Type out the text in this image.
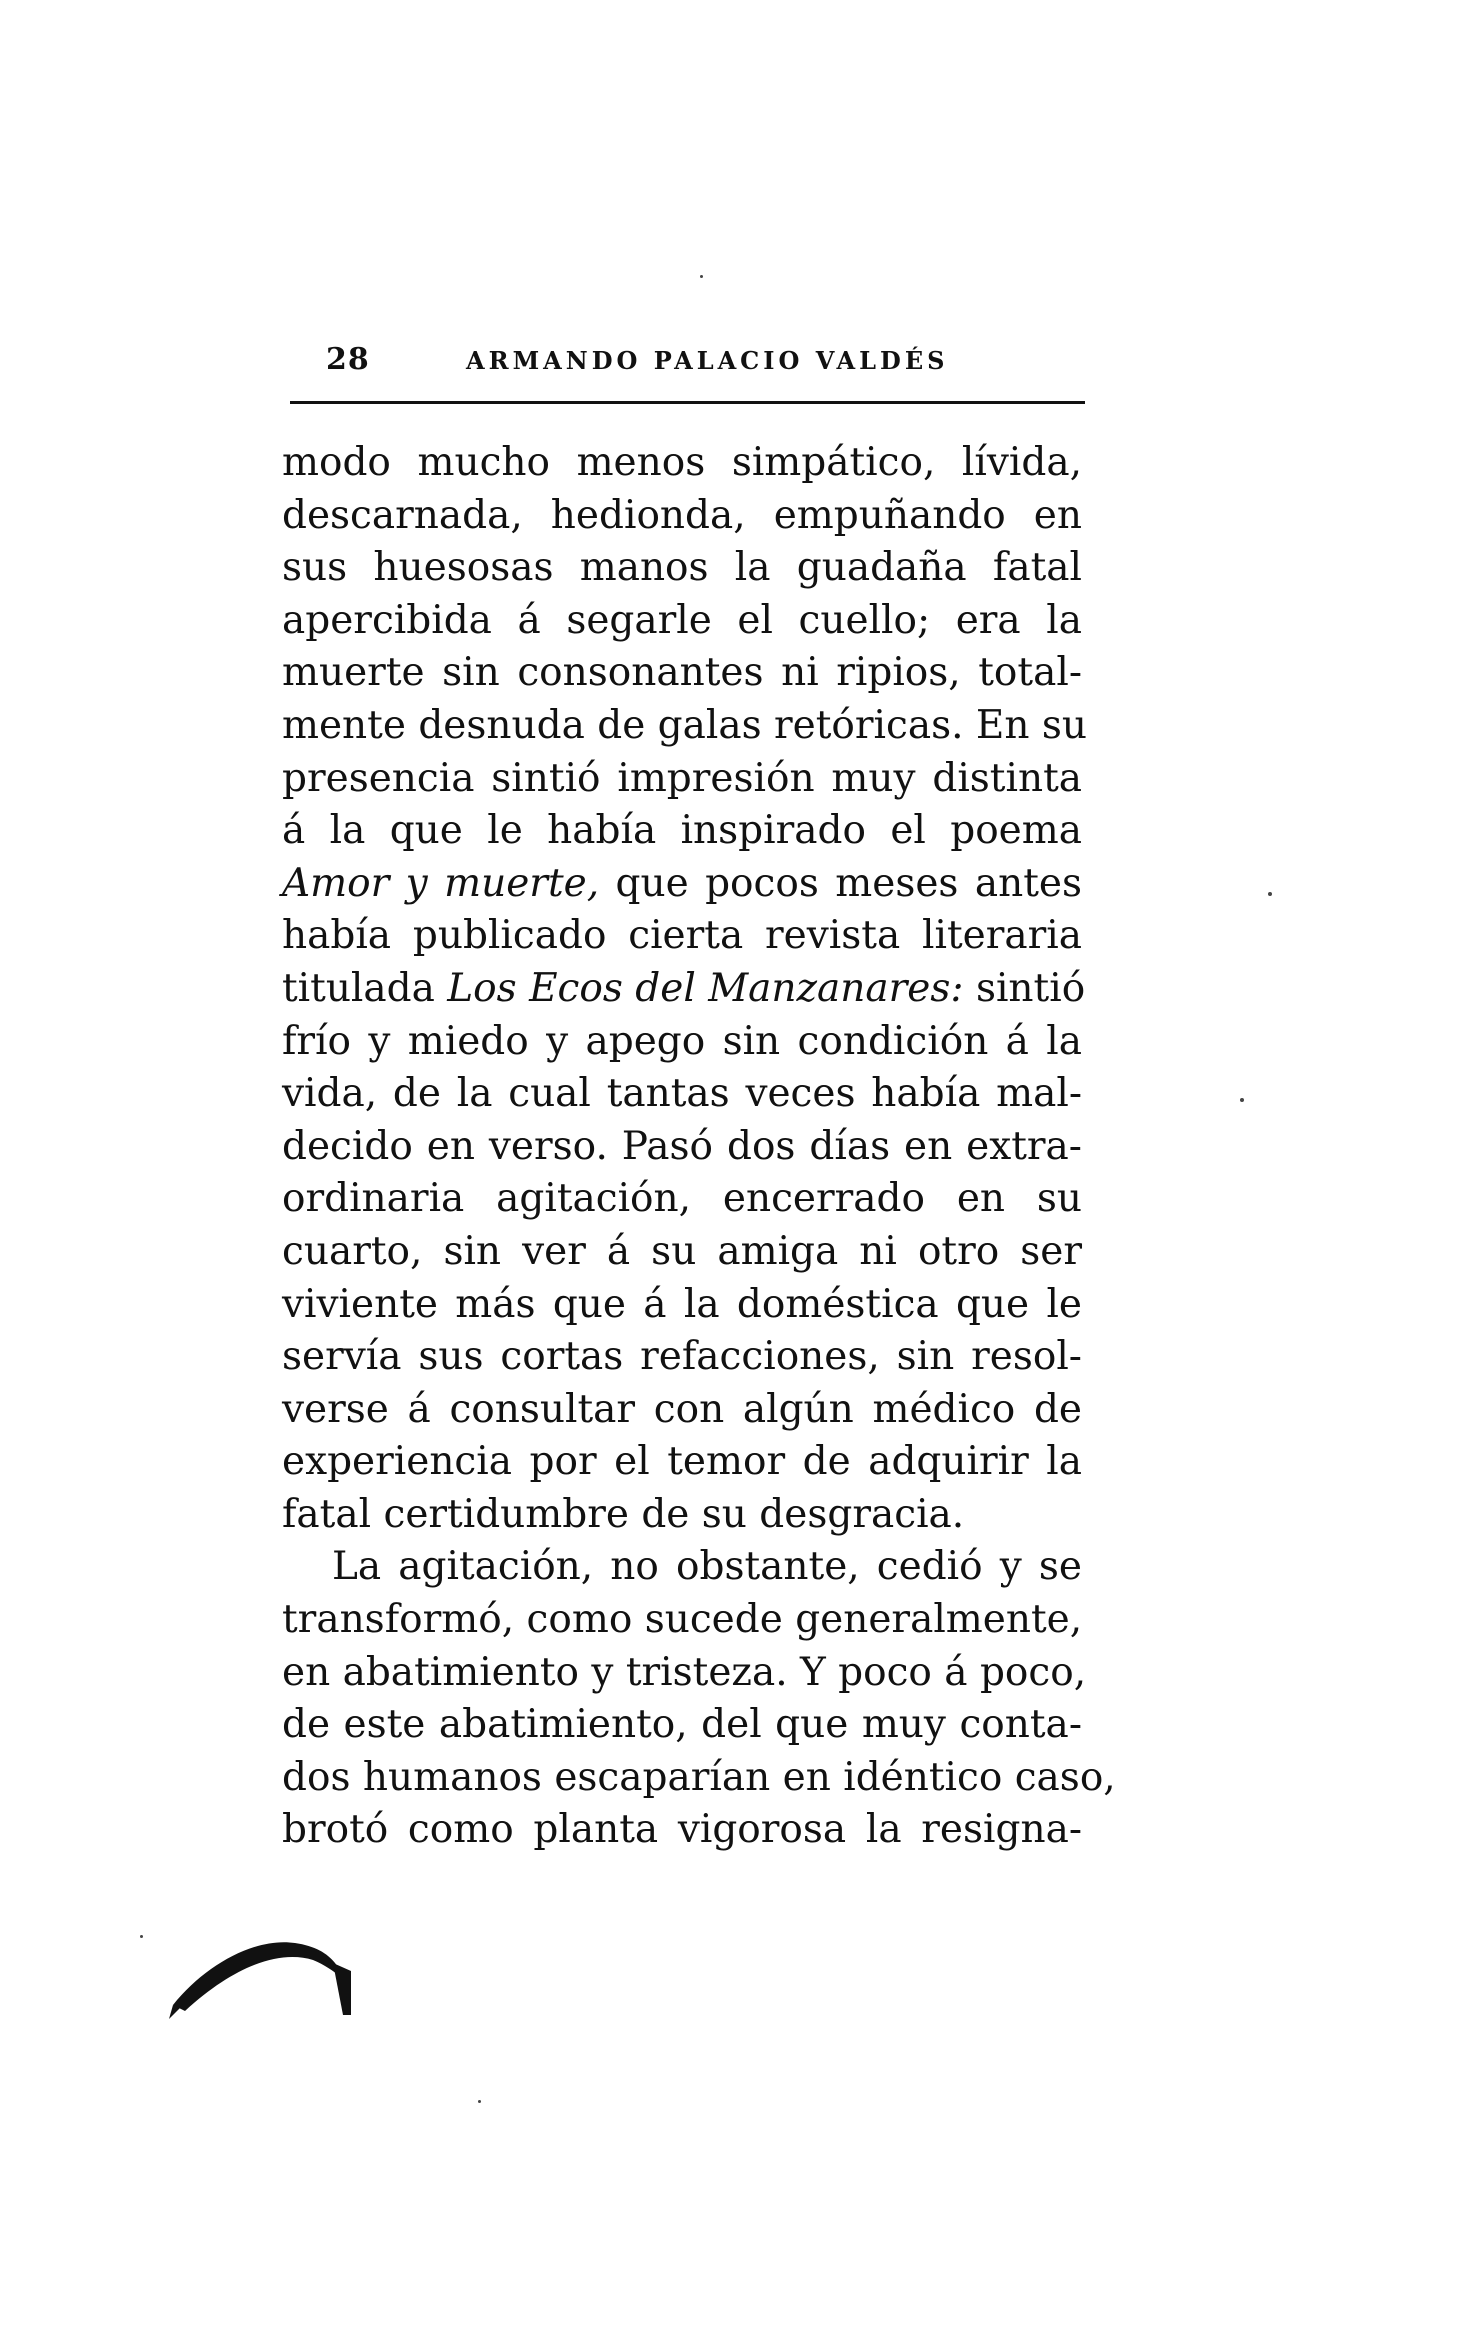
28	ARMANDO PALACIO VALDÉS
modo mucho menos simpático, lívida,
descarnada, hedionda, empuñando en
sus huesosas manos la guadaña fatal
apercibida á segarle el cuello; era la
muerte sin consonantes ni ripios, total-
mente desnuda de galas retóricas. En su
presencia sintió impresión muy distinta
á la que le había inspirado el poema
Amor y muerte, que pocos meses antes
había publicado cierta revista literaria
titulada Los Ecos del Manzanares: sintió
frío y miedo y apego sin condición á la
vida, de la cual tantas veces había mal-
decido en verso. Pasó dos días en extra-
ordinaria agitación, encerrado en su
cuarto, sin ver á su amiga ni otro ser
viviente más que á la doméstica que le
servía sus cortas refacciones, sin resol-
verse á consultar con algún médico de
experiencia por el temor de adquirir la
fatal certidumbre de su desgracia.
La agitación, no obstante, cedió y se
transformó, como sucede generalmente,
en abatimiento y tristeza. Y poco á poco,
de este abatimiento, del que muy conta-
dos humanos escaparían en idéntico caso,
brotó como planta vigorosa la resigna-
